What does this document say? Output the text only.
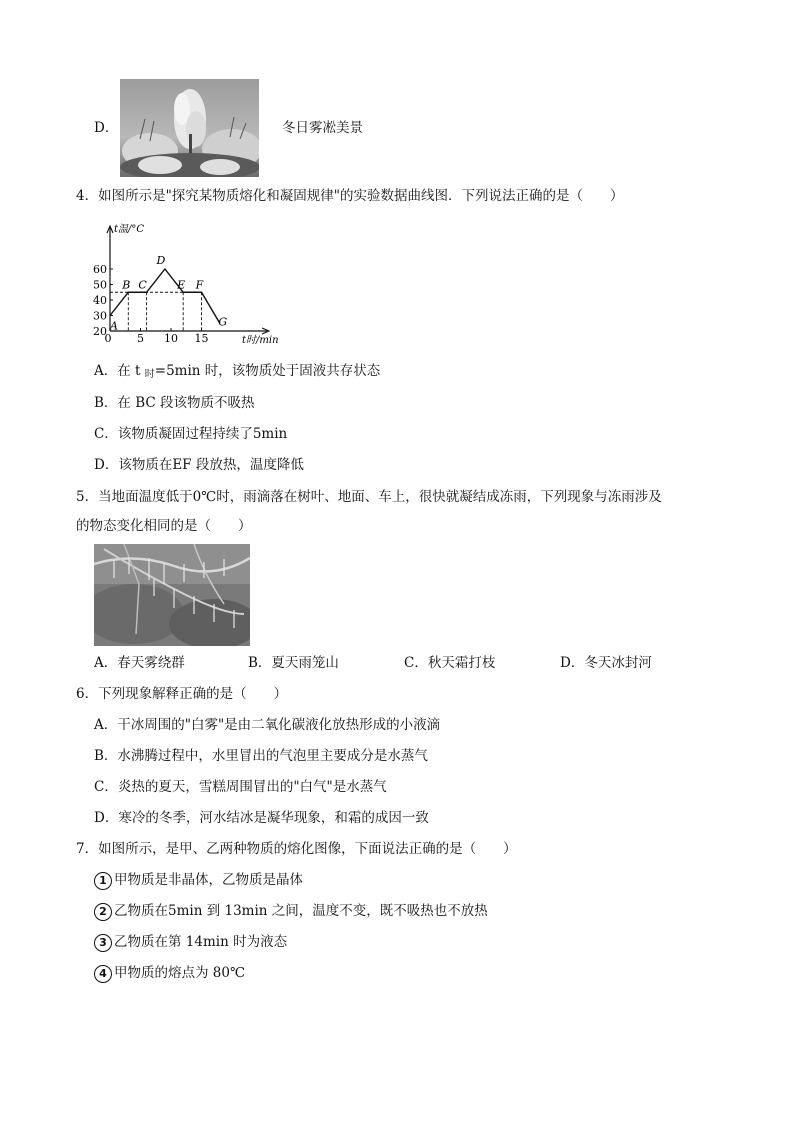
D．	冬日雾凇美景
4．如图所示是"探究某物质熔化和凝固规律"的实验数据曲线图．下列说法正确的是（　　）
t温/°C
t时/min
20
30
40
50
60
0 5 10 15
A
B C
D
E F
G
A．在 t 时=5min 时，该物质处于固液共存状态
B．在 BC 段该物质不吸热
C．该物质凝固过程持续了5min
D．该物质在EF 段放热，温度降低
5．当地面温度低于0℃时，雨滴落在树叶、地面、车上，很快就凝结成冻雨，下列现象与冻雨涉及
的物态变化相同的是（　　）
A．春天雾绕群	B．夏天雨笼山	C．秋天霜打枝	D．冬天冰封河
6．下列现象解释正确的是（　　）
A．干冰周围的"白雾"是由二氧化碳液化放热形成的小液滴
B．水沸腾过程中，水里冒出的气泡里主要成分是水蒸气
C．炎热的夏天，雪糕周围冒出的"白气"是水蒸气
D．寒冷的冬季，河水结冰是凝华现象，和霜的成因一致
7．如图所示，是甲、乙两种物质的熔化图像，下面说法正确的是（　　）
1 甲物质是非晶体，乙物质是晶体
2 乙物质在5min 到 13min 之间，温度不变，既不吸热也不放热
3 乙物质在第 14min 时为液态
4 甲物质的熔点为 80℃
